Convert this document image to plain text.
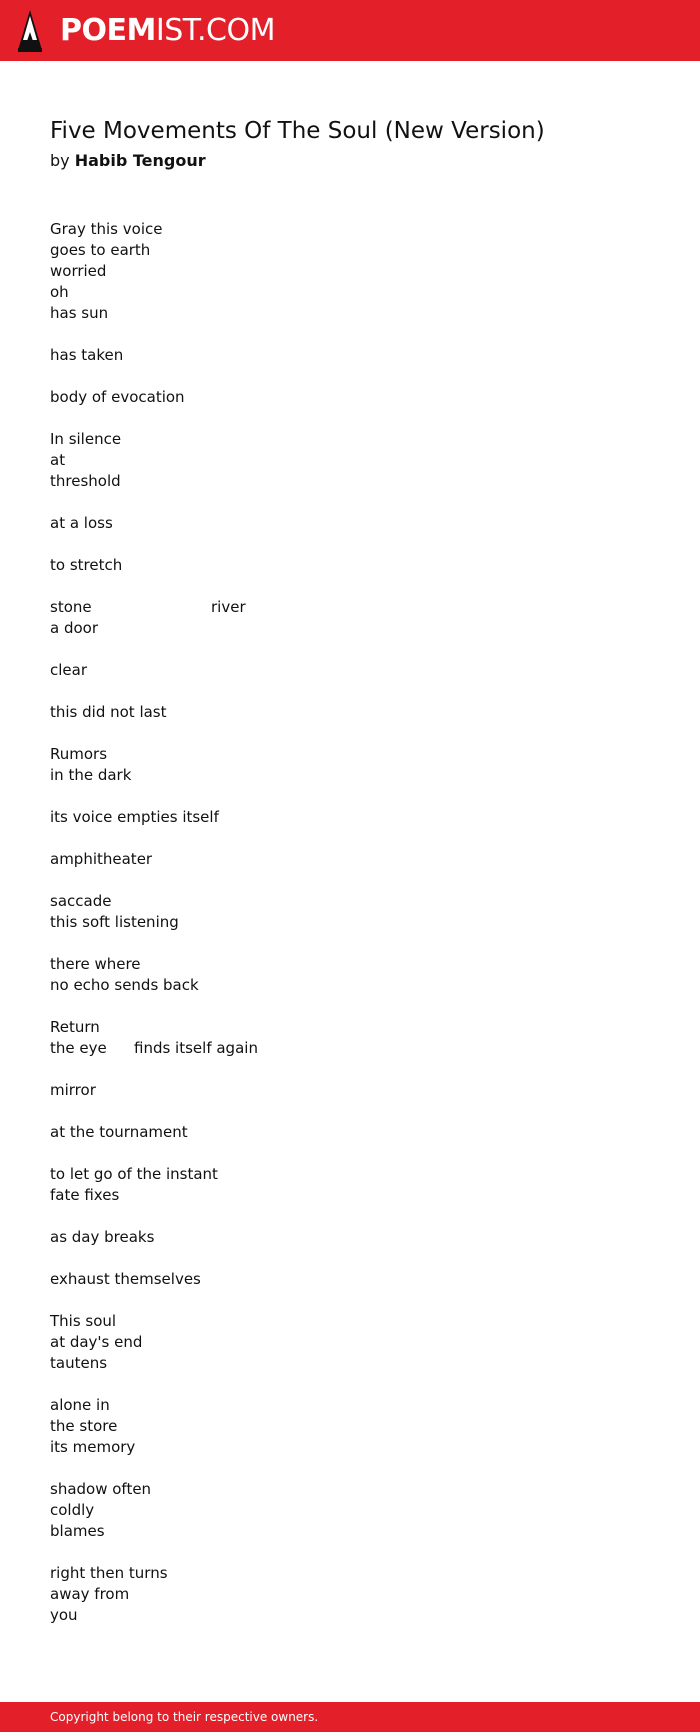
POEMIST.COM
Five Movements Of The Soul (New Version)
by Habib Tengour
Gray this voice
goes to earth
worried
oh
has sun
has taken
body of evocation
In silence
at
threshold
at a loss
to stretch
stone	river
a door
clear
this did not last
Rumors
in the dark
its voice empties itself
amphitheater
saccade
this soft listening
there where
no echo sends back
Return
the eye finds itself again
mirror
at the tournament
to let go of the instant
fate fixes
as day breaks
exhaust themselves
This soul
at day's end
tautens
alone in
the store
its memory
shadow often
coldly
blames
right then turns
away from
you
Copyright belong to their respective owners.
